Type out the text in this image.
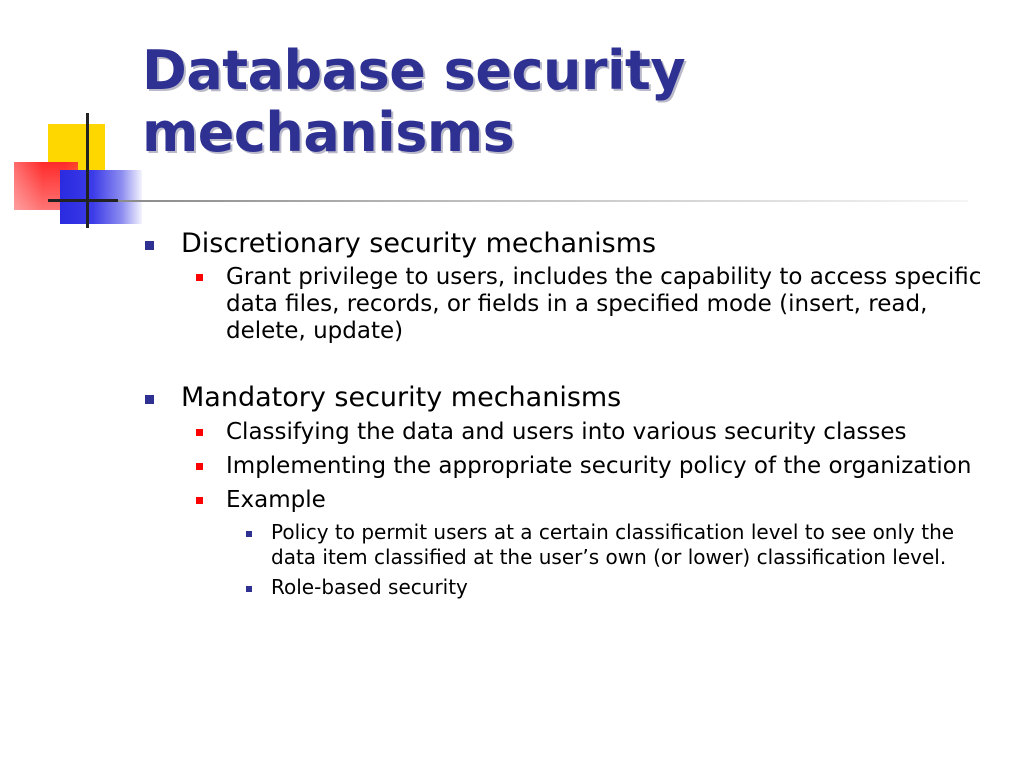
Database security mechanisms
Discretionary security mechanisms
Grant privilege to users, includes the capability to access specific data files, records, or fields in a specified mode (insert, read, delete, update)
Mandatory security mechanisms
Classifying the data and users into various security classes
Implementing the appropriate security policy of the organization
Example
Policy to permit users at a certain classification level to see only the data item classified at the user’s own (or lower) classification level.
Role-based security
